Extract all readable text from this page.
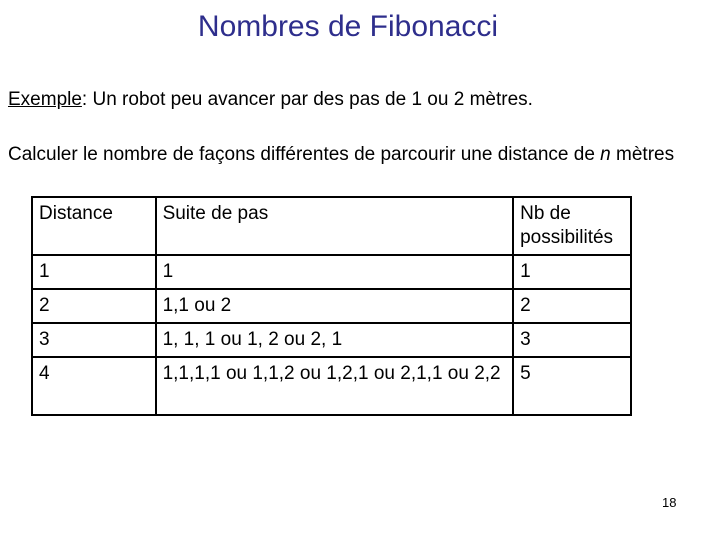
Nombres de Fibonacci
Exemple: Un robot peu avancer par des pas de 1 ou 2 mètres.
Calculer le nombre de façons différentes de parcourir une distance de n mètres
Distance	Suite de pas	Nb de possibilités
1	1	1
2	1,1 ou 2	2
3	1, 1, 1 ou 1, 2 ou 2, 1	3
4	1,1,1,1 ou 1,1,2 ou 1,2,1 ou 2,1,1 ou 2,2	5
18
